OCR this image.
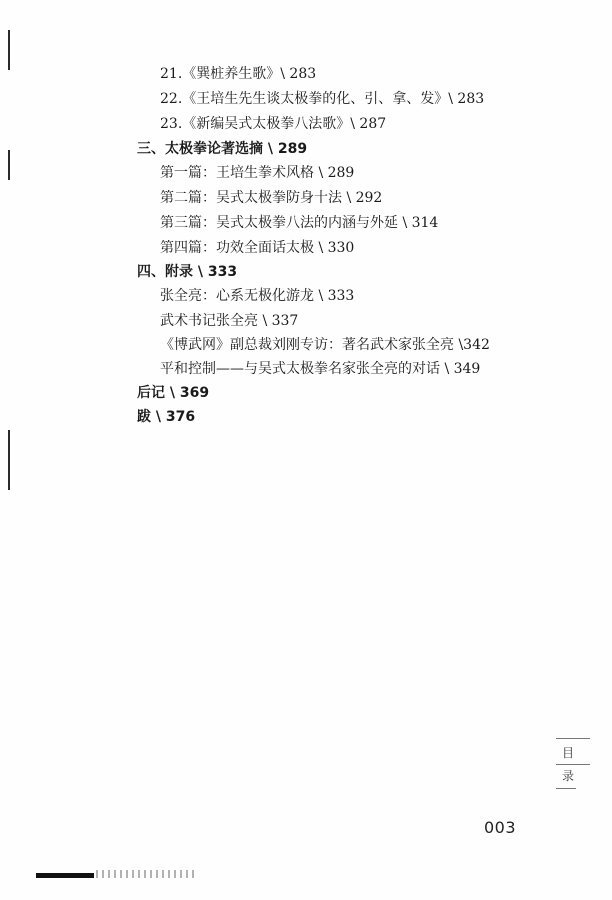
21.《巽桩养生歌》\ 283
22.《王培生先生谈太极拳的化、引、拿、发》\ 283
23.《新编吴式太极拳八法歌》\ 287
三、太极拳论著选摘 \ 289
第一篇：王培生拳术风格 \ 289
第二篇：吴式太极拳防身十法 \ 292
第三篇：吴式太极拳八法的内涵与外延 \ 314
第四篇：功效全面话太极 \ 330
四、附录 \ 333
张全亮：心系无极化游龙 \ 333
武术书记张全亮 \ 337
《博武网》副总裁刘刚专访：著名武术家张全亮 \342
平和控制——与吴式太极拳名家张全亮的对话 \ 349
后记 \ 369
跋 \ 376
目
录
003
